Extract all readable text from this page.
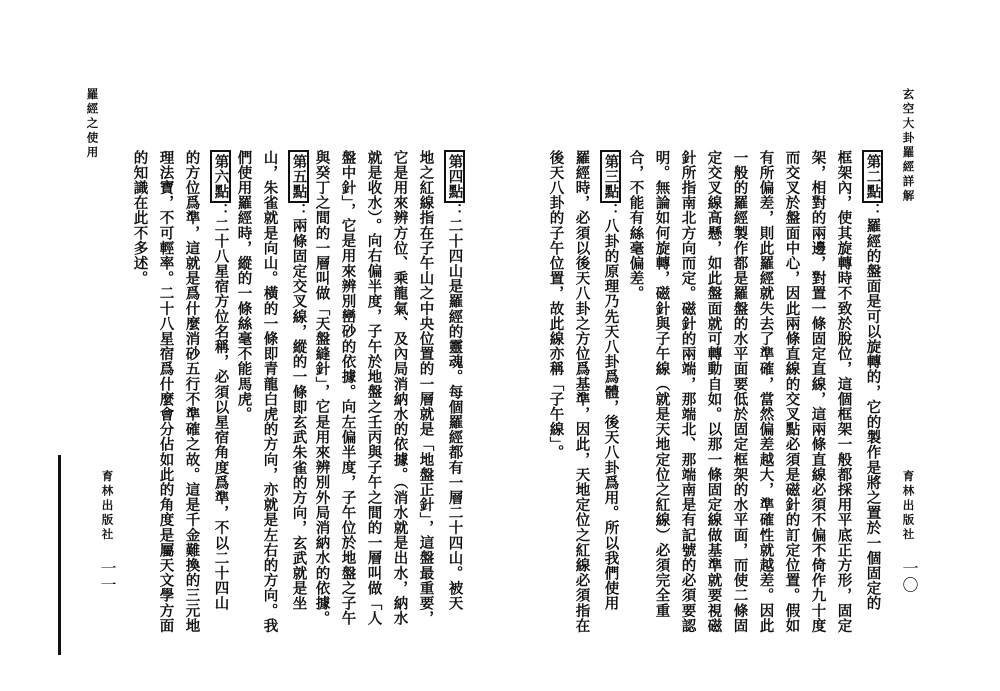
玄空大卦羅經詳解
育林出版社
一〇
第二點：羅經的盤面是可以旋轉的，它的製作是將之置於一個固定的
框架內，使其旋轉時不致於脫位，這個框架一般都採用平底正方形，固定
架，相對的兩邊，對置一條固定直線，這兩條直線必須不偏不倚作九十度
而交叉於盤面中心，因此兩條直線的交叉點必須是磁針的訂定位置。假如
有所偏差，則此羅經就失去了準確，當然偏差越大，準確性就越差。因此
一般的羅經製作都是羅盤的水平面要低於固定框架的水平面，而使二條固
定交叉線高懸，如此盤面就可轉動自如。以那一條固定線做基準就要視磁
針所指南北方向而定。磁針的兩端，那端北、那端南是有記號的必須要認
明。無論如何旋轉，磁針與子午線（就是天地定位之紅線）必須完全重
合，不能有絲毫偏差。
第三點：八卦的原理乃先天八卦爲體，後天八卦爲用。所以我們使用
羅經時，必須以後天八卦之方位爲基準，因此，天地定位之紅線必須指在
後天八卦的子午位置，故此線亦稱「子午線」。
第四點：二十四山是羅經的靈魂。每個羅經都有一層二十四山。被天
地之紅線指在子午山之中央位置的一層就是「地盤正針」，這盤最重要，
它是用來辨方位、乘龍氣、及內局消納水的依據。（消水就是出水，納水
就是收水）。向右偏半度，子午於地盤之壬丙與子午之間的一層叫做「人
盤中針」，它是用來辨別巒砂的依據。向左偏半度，子午位於地盤之子午
與癸丁之間的一層叫做「天盤縫針」，它是用來辨別外局消納水的依據。
第五點：兩條固定交叉線，縱的一條即玄武朱雀的方向，玄武就是坐
山，朱雀就是向山。橫的一條即青龍白虎的方向，亦就是左右的方向。我
們使用羅經時，縱的一條絲毫不能馬虎。
第六點：二十八星宿方位名稱，必須以星宿角度爲準，不以二十四山
的方位爲準，這就是爲什麼消砂五行不準確之故。這是千金難換的三元地
理法寶，不可輕率。二十八星宿爲什麼會分佔如此的角度是屬天文學方面
的知識在此不多述。
羅經之使用
育林出版社
一一
